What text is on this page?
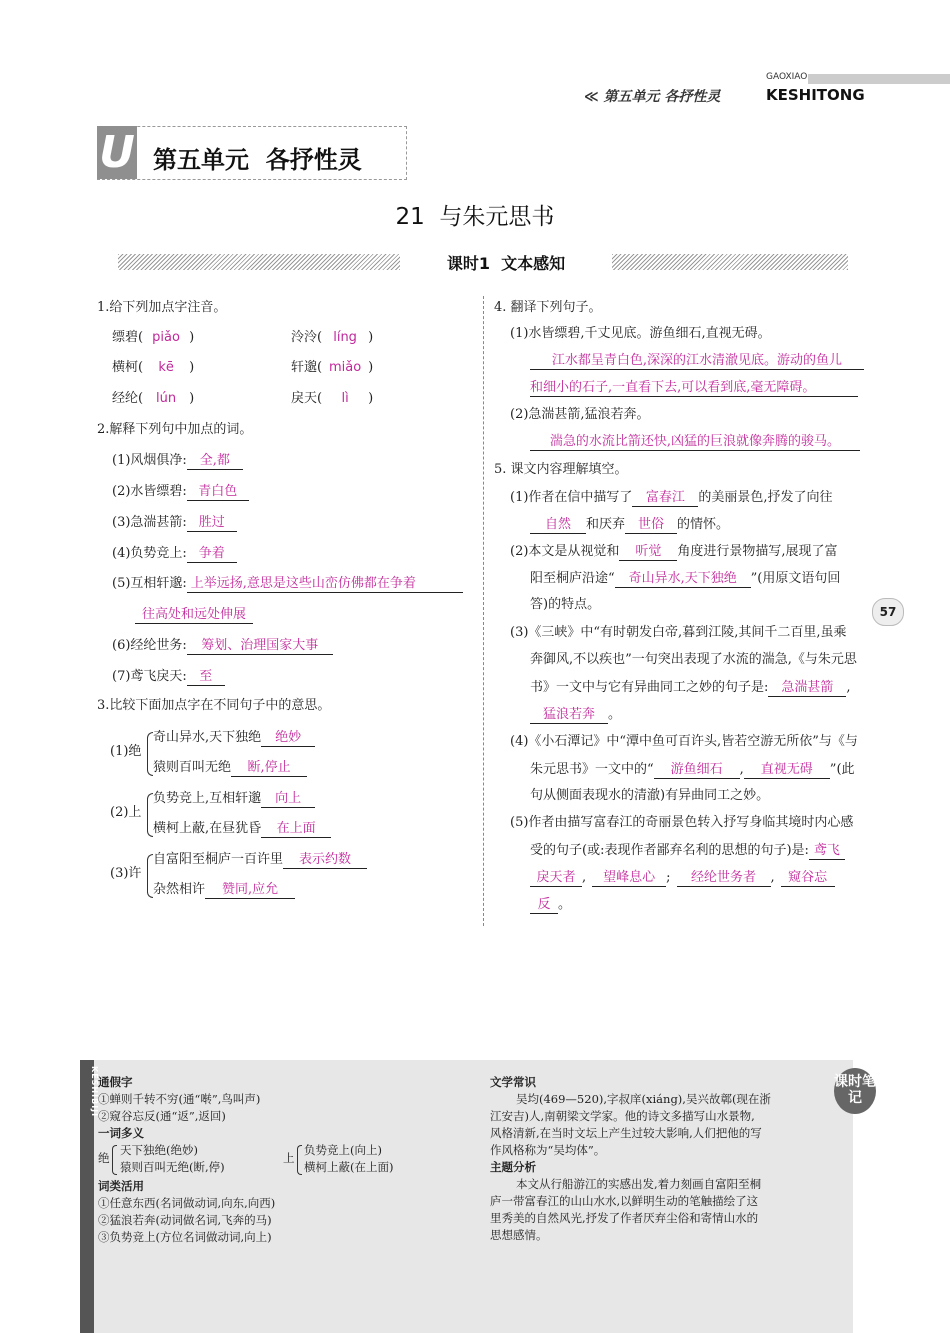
≪ 第五单元 各抒性灵
GAOXIAO
KESHITONG
U 第五单元  各抒性灵
21  与朱元思书
课时1  文本感知
1.给下列加点字注音。
缥碧( piǎo )	泠泠( líng )
横柯( kē )	轩邈( miǎo )
经纶( lún )	戾天( lì )
2.解释下列句中加点的词。
(1)风烟俱净: 全,都
(2)水皆缥碧: 青白色
(3)急湍甚箭: 胜过
(4)负势竞上: 争着
(5)互相轩邈: 上举远扬,意思是这些山峦仿佛都在争着
往高处和远处伸展
(6)经纶世务: 筹划、治理国家大事
(7)鸢飞戾天: 至
3.比较下面加点字在不同句子中的意思。
(1)绝
奇山异水,天下独绝 绝妙
猿则百叫无绝 断,停止
(2)上
负势竞上,互相轩邈 向上
横柯上蔽,在昼犹昏 在上面
(3)许
自富阳至桐庐一百许里 表示约数
杂然相许 赞同,应允
4. 翻译下列句子。
(1)水皆缥碧,千丈见底。游鱼细石,直视无碍。
江水都呈青白色,深深的江水清澈见底。游动的鱼儿
和细小的石子,一直看下去,可以看到底,毫无障碍。
(2)急湍甚箭,猛浪若奔。
湍急的水流比箭还快,凶猛的巨浪就像奔腾的骏马。
5. 课文内容理解填空。
(1)作者在信中描写了 富春江 的美丽景色,抒发了向往
自然 和厌弃 世俗 的情怀。
(2)本文是从视觉和 听觉 角度进行景物描写,展现了富
阳至桐庐沿途“ 奇山异水,天下独绝 ”(用原文语句回
答)的特点。
(3)《三峡》中“有时朝发白帝,暮到江陵,其间千二百里,虽乘
奔御风,不以疾也”一句突出表现了水流的湍急,《与朱元思
书》一文中与它有异曲同工之妙的句子是: 急湍甚箭 ,
猛浪若奔 。
(4)《小石潭记》中“潭中鱼可百许头,皆若空游无所依”与《与
朱元思书》一文中的“ 游鱼细石 , 直视无碍 ”(此
句从侧面表现水的清澈)有异曲同工之妙。
(5)作者由描写富春江的奇丽景色转入抒写身临其境时内心感
受的句子(或:表现作者鄙弃名利的思想的句子)是: 鸢飞
戾天者 , 望峰息心 ; 经纶世务者 , 窥谷忘
反 。
57
KESHIBIJI	课时笔记
通假字
①蝉则千转不穷(通“啭”,鸟叫声)
②窥谷忘反(通“返”,返回)
一词多义
绝
天下独绝(绝妙)
猿则百叫无绝(断,停)
上
负势竞上(向上)
横柯上蔽(在上面)
词类活用
①任意东西(名词做动词,向东,向西)
②猛浪若奔(动词做名词,飞奔的马)
③负势竞上(方位名词做动词,向上)
文学常识
吴均(469—520),字叔庠(xiáng),吴兴故鄣(现在浙
江安吉)人,南朝梁文学家。他的诗文多描写山水景物,
风格清新,在当时文坛上产生过较大影响,人们把他的写
作风格称为“吴均体”。
主题分析
本文从行船游江的实感出发,着力刻画自富阳至桐
庐一带富春江的山山水水,以鲜明生动的笔触描绘了这
里秀美的自然风光,抒发了作者厌弃尘俗和寄情山水的
思想感情。
